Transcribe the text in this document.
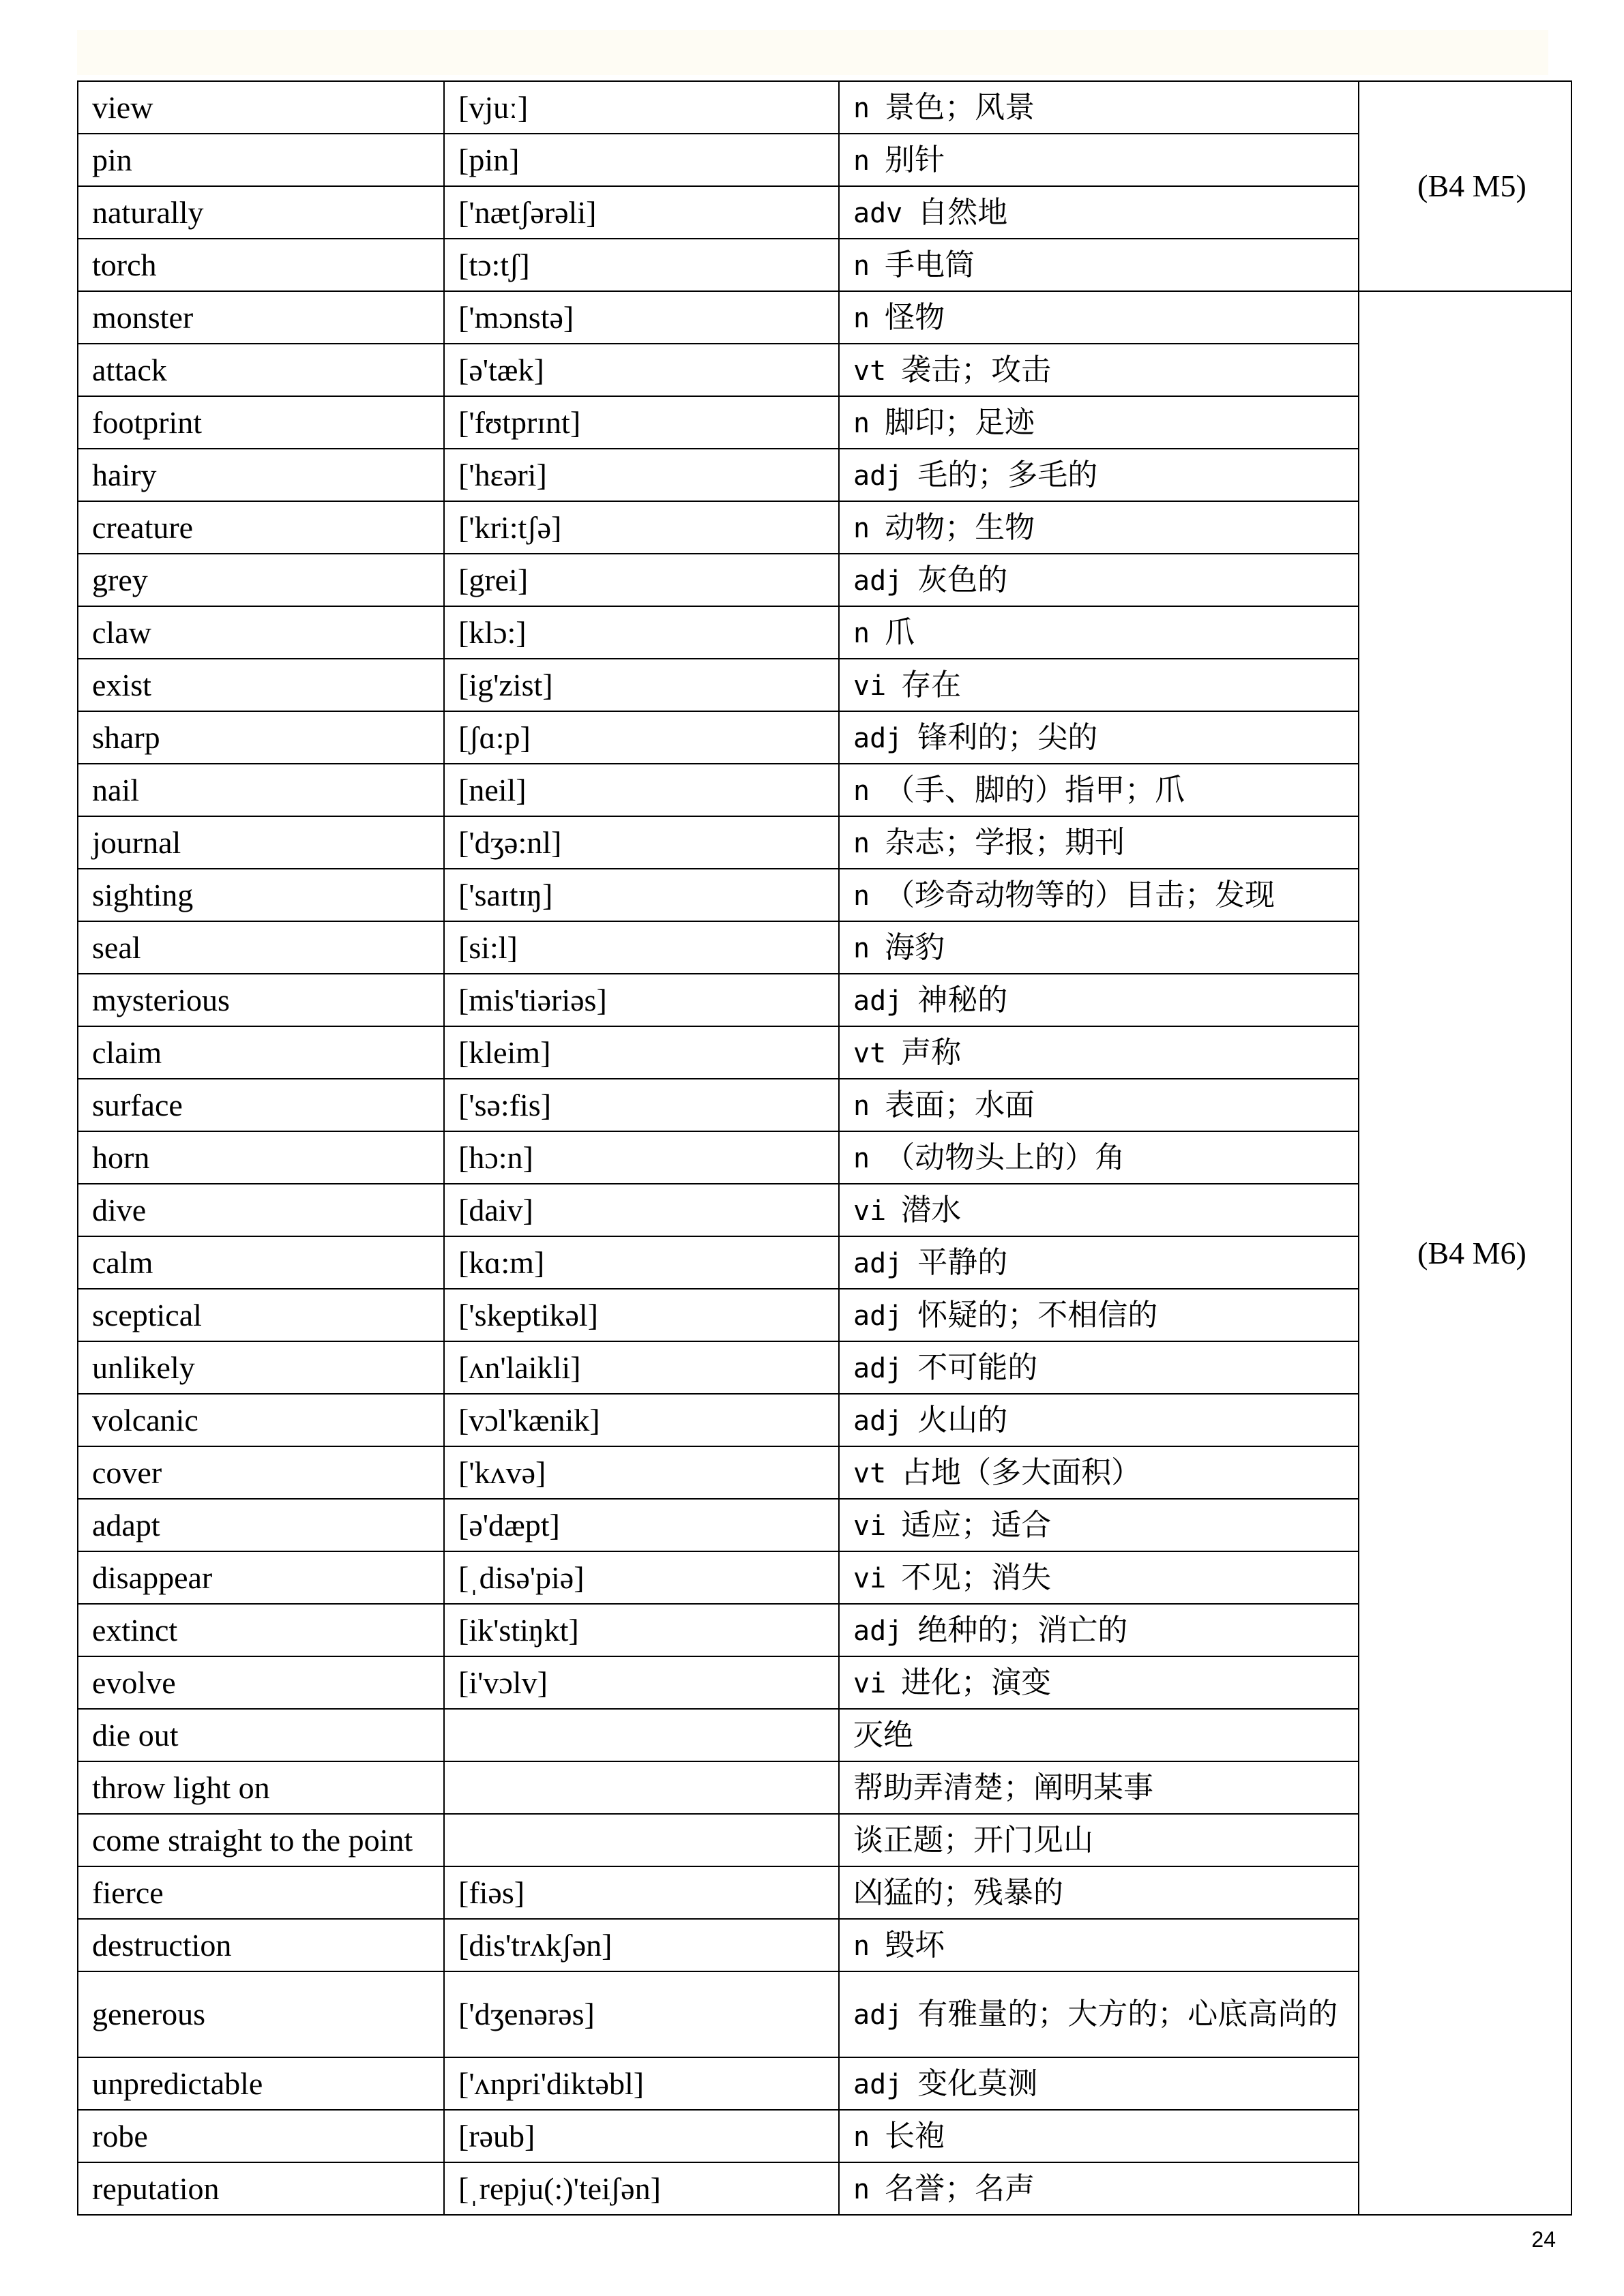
view	[vjuː]	n 景色；风景	(B4 M5)
pin	[pin]	n 别针	
naturally	['nætʃərəli]	adv 自然地	
torch	[tɔ:tʃ]	n 手电筒	
monster	['mɔnstə]	n 怪物	(B4 M6)
attack	[ə'tæk]	vt 袭击；攻击	
footprint	['fʊtprɪnt]	n 脚印；足迹	
hairy	['hɛəri]	adj 毛的；多毛的	
creature	['kri:tʃə]	n 动物；生物	
grey	[grei]	adj 灰色的	
claw	[klɔ:]	n 爪	
exist	[ig'zist]	vi 存在	
sharp	[ʃɑ:p]	adj 锋利的；尖的	
nail	[neil]	n （手、脚的）指甲；爪	
journal	['dʒə:nl]	n 杂志；学报；期刊	
sighting	['saɪtɪŋ]	n （珍奇动物等的）目击；发现	
seal	[si:l]	n 海豹	
mysterious	[mis'tiəriəs]	adj 神秘的	
claim	[kleim]	vt 声称	
surface	['sə:fis]	n 表面；水面	
horn	[hɔ:n]	n （动物头上的）角	
dive	[daiv]	vi 潜水	
calm	[kɑ:m]	adj 平静的	
sceptical	['skeptikəl]	adj 怀疑的；不相信的	
unlikely	[ʌn'laikli]	adj 不可能的	
volcanic	[vɔl'kænik]	adj 火山的	
cover	['kʌvə]	vt 占地（多大面积）	
adapt	[ə'dæpt]	vi 适应；适合	
disappear	[ˌdisə'piə]	vi 不见；消失	
extinct	[ik'stiŋkt]	adj 绝种的；消亡的	
evolve	[i'vɔlv]	vi 进化；演变	
die out		灭绝	
throw light on		帮助弄清楚；阐明某事	
come straight to the point		谈正题；开门见山	
fierce	[fiəs]	凶猛的；残暴的	
destruction	[dis'trʌkʃən]	n 毁坏	
generous	['dʒenərəs]	adj 有雅量的；大方的；心底高尚的	
unpredictable	['ʌnpri'diktəbl]	adj 变化莫测	
robe	[rəub]	n 长袍	
reputation	[ˌrepju(:)'teiʃən]	n 名誉；名声	
24
